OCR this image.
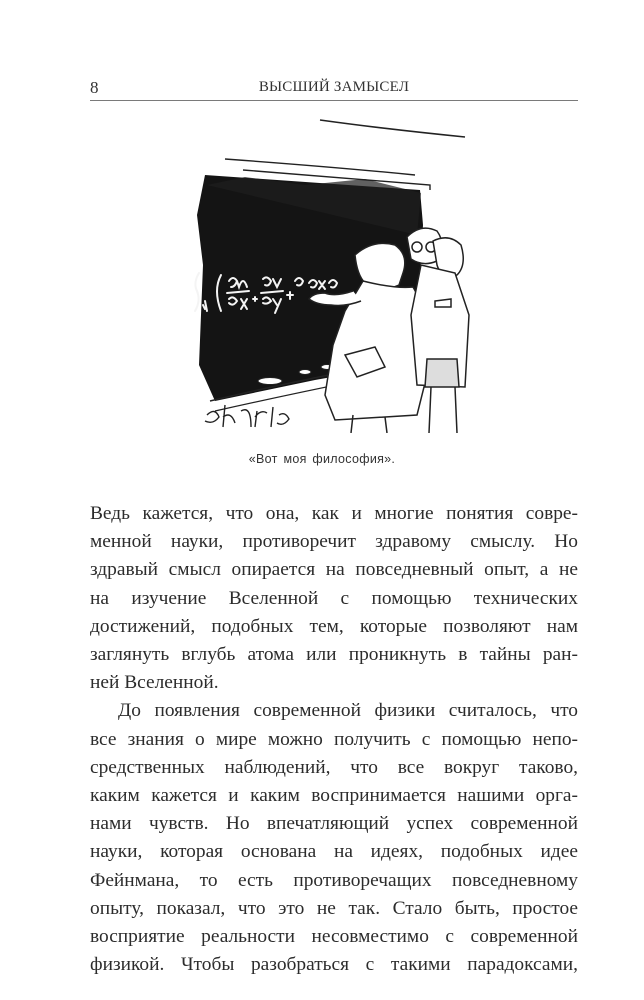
8	ВЫСШИЙ ЗАМЫСЕЛ
«Вот моя философия».
Ведь кажется, что она, как и многие понятия совре-
менной науки, противоречит здравому смыслу. Но
здравый смысл опирается на повседневный опыт, а не
на изучение Вселенной с помощью технических
достижений, подобных тем, которые позволяют нам
заглянуть вглубь атома или проникнуть в тайны ран-
ней Вселенной.
До появления современной физики считалось, что
все знания о мире можно получить с помощью непо-
средственных наблюдений, что все вокруг таково,
каким кажется и каким воспринимается нашими орга-
нами чувств. Но впечатляющий успех современной
науки, которая основана на идеях, подобных идее
Фейнмана, то есть противоречащих повседневному
опыту, показал, что это не так. Стало быть, простое
восприятие реальности несовместимо с современной
физикой. Чтобы разобраться с такими парадоксами,
